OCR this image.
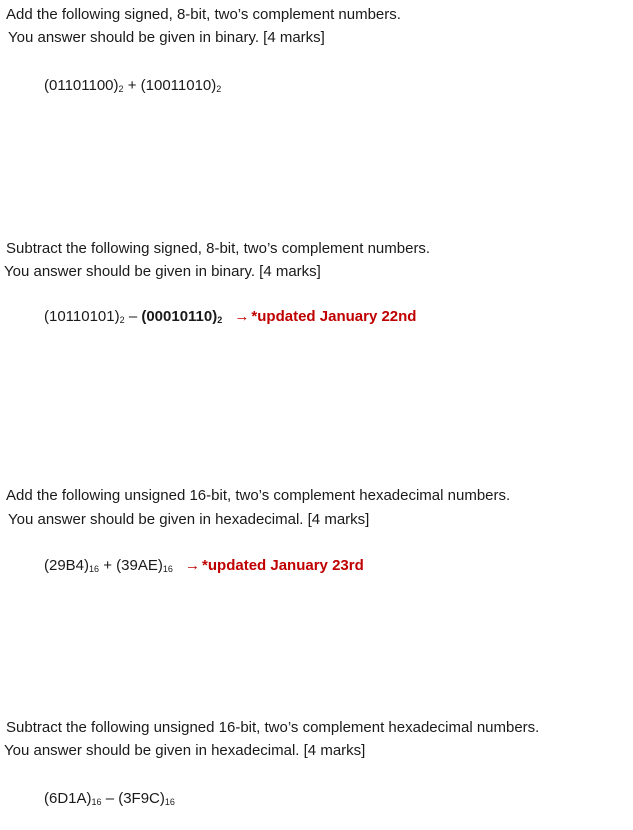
Add the following signed, 8-bit, two’s complement numbers.
You answer should be given in binary. [4 marks]
$(01101100)_2 + (10011010)_2$
Subtract the following signed, 8-bit, two’s complement numbers.
You answer should be given in binary. [4 marks]
$(10110101)_2 - (00010110)_2$ → *updated January 22nd
Add the following unsigned 16-bit, two’s complement hexadecimal numbers.
You answer should be given in hexadecimal. [4 marks]
$(29B4)_{16} + (39AE)_{16}$ → *updated January 23rd
Subtract the following unsigned 16-bit, two’s complement hexadecimal numbers.
You answer should be given in hexadecimal. [4 marks]
$(6D1A)_{16} - (3F9C)_{16}$
